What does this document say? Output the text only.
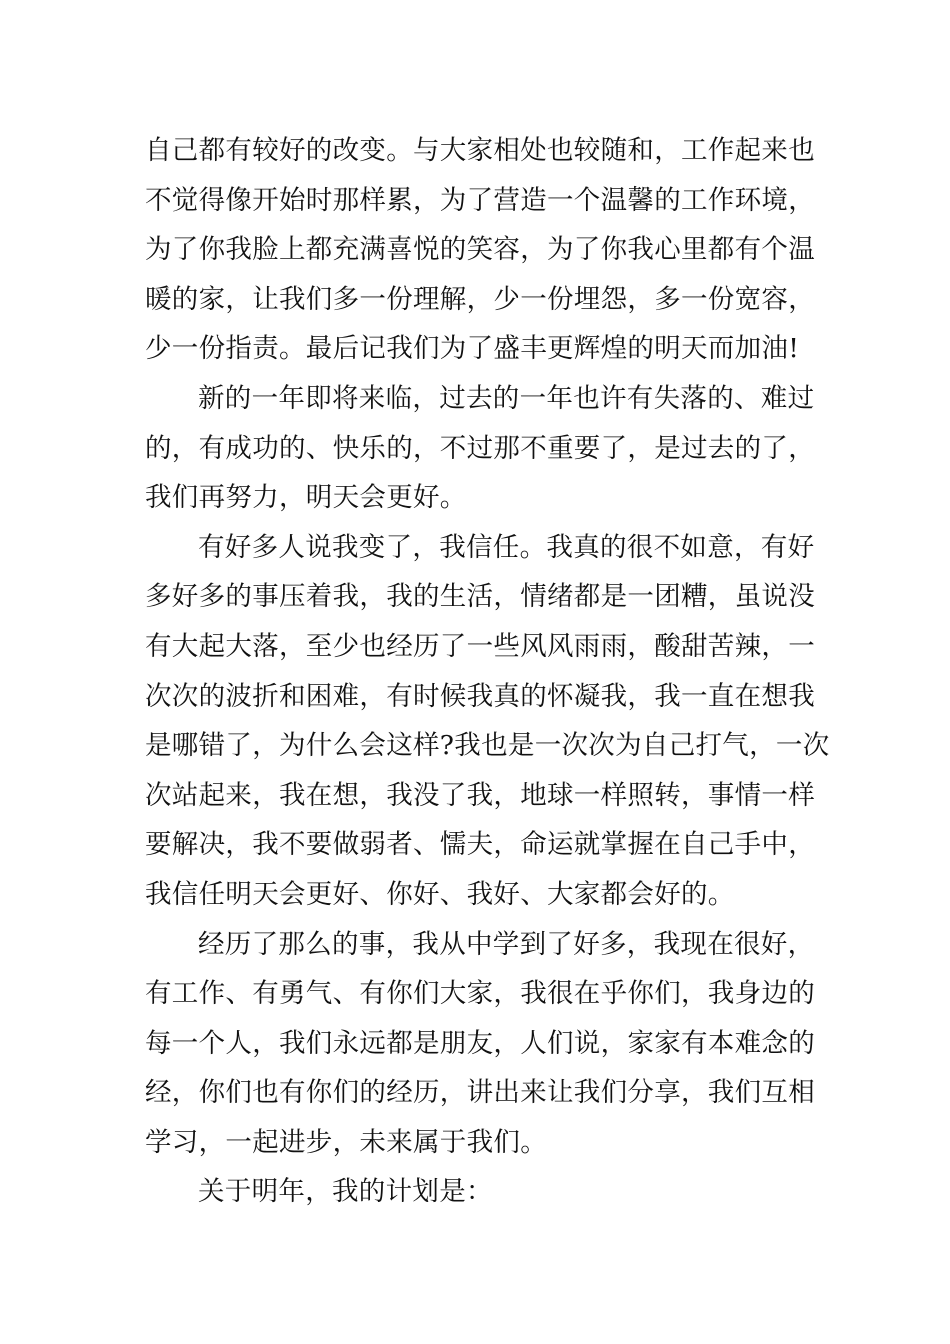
自己都有较好的改变。与大家相处也较随和，工作起来也
不觉得像开始时那样累，为了营造一个温馨的工作环境，
为了你我脸上都充满喜悦的笑容，为了你我心里都有个温
暖的家，让我们多一份理解，少一份埋怨，多一份宽容，
少一份指责。最后记我们为了盛丰更辉煌的明天而加油!
新的一年即将来临，过去的一年也许有失落的、难过
的，有成功的、快乐的，不过那不重要了，是过去的了，
我们再努力，明天会更好。
有好多人说我变了，我信任。我真的很不如意，有好
多好多的事压着我，我的生活，情绪都是一团糟，虽说没
有大起大落，至少也经历了一些风风雨雨，酸甜苦辣，一
次次的波折和困难，有时候我真的怀凝我，我一直在想我
是哪错了，为什么会这样?我也是一次次为自己打气，一次
次站起来，我在想，我没了我，地球一样照转，事情一样
要解决，我不要做弱者、懦夫，命运就掌握在自己手中，
我信任明天会更好、你好、我好、大家都会好的。
经历了那么的事，我从中学到了好多，我现在很好，
有工作、有勇气、有你们大家，我很在乎你们，我身边的
每一个人，我们永远都是朋友，人们说，家家有本难念的
经，你们也有你们的经历，讲出来让我们分享，我们互相
学习，一起进步，未来属于我们。
关于明年，我的计划是：
